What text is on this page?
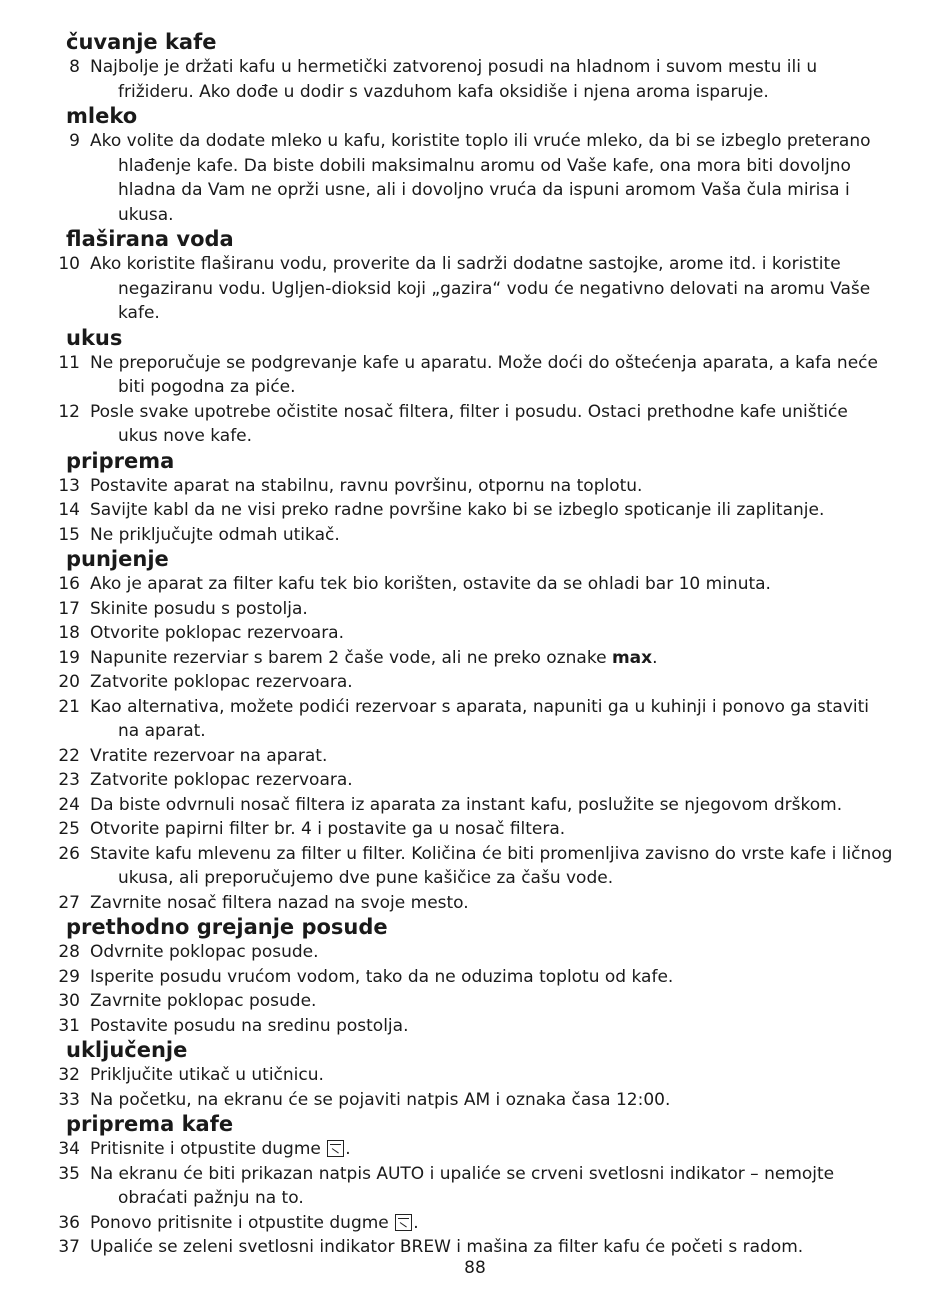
čuvanje kafe
8 Najbolje je držati kafu u hermetički zatvorenoj posudi na hladnom i suvom mestu ili u
frižideru. Ako dođe u dodir s vazduhom kafa oksidiše i njena aroma isparuje.
mleko
9 Ako volite da dodate mleko u kafu, koristite toplo ili vruće mleko, da bi se izbeglo preterano
hlađenje kafe. Da biste dobili maksimalnu aromu od Vaše kafe, ona mora biti dovoljno
hladna da Vam ne oprži usne, ali i dovoljno vruća da ispuni aromom Vaša čula mirisa i ukusa.
flaširana voda
10 Ako koristite flaširanu vodu, proverite da li sadrži dodatne sastojke, arome itd. i koristite
negaziranu vodu. Ugljen-dioksid koji „gazira“ vodu će negativno delovati na aromu Vaše kafe.
ukus
11 Ne preporučuje se podgrevanje kafe u aparatu. Može doći do oštećenja aparata, a kafa neće
biti pogodna za piće.
12 Posle svake upotrebe očistite nosač filtera, filter i posudu. Ostaci prethodne kafe uništiće
ukus nove kafe.
priprema
13 Postavite aparat na stabilnu, ravnu površinu, otpornu na toplotu.
14 Savijte kabl da ne visi preko radne površine kako bi se izbeglo spoticanje ili zaplitanje.
15 Ne priključujte odmah utikač.
punjenje
16 Ako je aparat za filter kafu tek bio korišten, ostavite da se ohladi bar 10 minuta.
17 Skinite posudu s postolja.
18 Otvorite poklopac rezervoara.
19 Napunite rezerviar s barem 2 čaše vode, ali ne preko oznake max.
20 Zatvorite poklopac rezervoara.
21 Kao alternativa, možete podići rezervoar s aparata, napuniti ga u kuhinji i ponovo ga staviti
na aparat.
22 Vratite rezervoar na aparat.
23 Zatvorite poklopac rezervoara.
24 Da biste odvrnuli nosač filtera iz aparata za instant kafu, poslužite se njegovom drškom.
25 Otvorite papirni filter br. 4 i postavite ga u nosač filtera.
26 Stavite kafu mlevenu za filter u filter. Količina će biti promenljiva zavisno do vrste kafe i ličnog
ukusa, ali preporučujemo dve pune kašičice za čašu vode.
27 Zavrnite nosač filtera nazad na svoje mesto.
prethodno grejanje posude
28 Odvrnite poklopac posude.
29 Isperite posudu vrućom vodom, tako da ne oduzima toplotu od kafe.
30 Zavrnite poklopac posude.
31 Postavite posudu na sredinu postolja.
uključenje
32 Priključite utikač u utičnicu.
33 Na početku, na ekranu će se pojaviti natpis AM i oznaka časa 12:00.
priprema kafe
34 Pritisnite i otpustite dugme .
35 Na ekranu će biti prikazan natpis AUTO i upaliće se crveni svetlosni indikator – nemojte
obraćati pažnju na to.
36 Ponovo pritisnite i otpustite dugme .
37 Upaliće se zeleni svetlosni indikator BREW i mašina za filter kafu će početi s radom.
88
